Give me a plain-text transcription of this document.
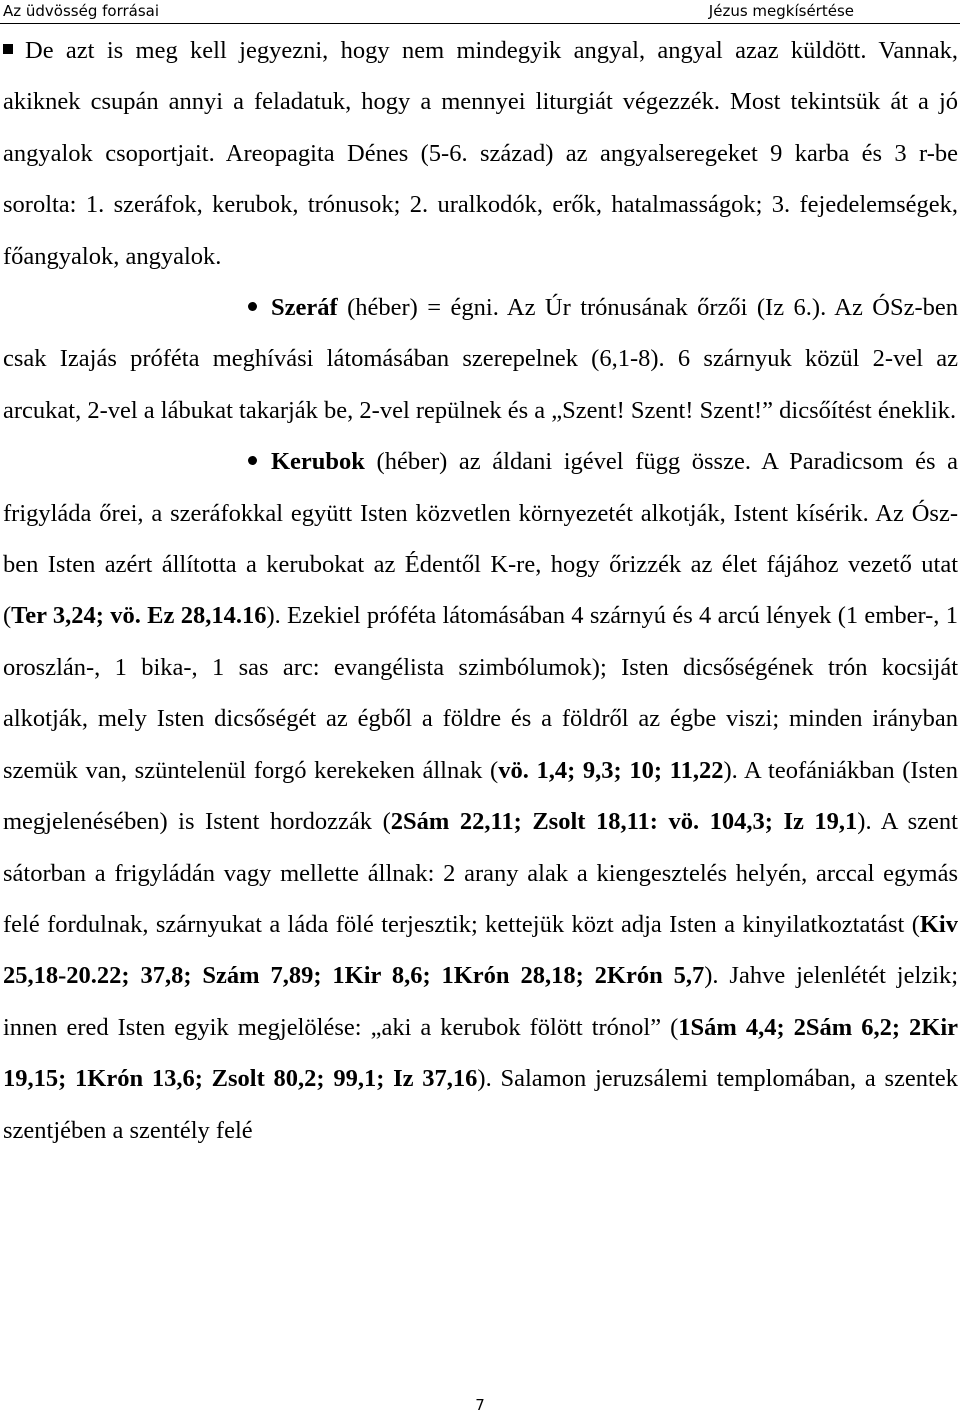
Az üdvösség forrásai	Jézus megkísértése

De azt is meg kell jegyezni, hogy nem mindegyik angyal, angyal azaz küldött. Vannak, akiknek csupán annyi a feladatuk, hogy a mennyei liturgiát végezzék. Most tekintsük át a jó angyalok csoportjait. Areopagita Dénes (5-6. század) az angyalseregeket 9 karba és 3 r-be sorolta: 1. szeráfok, kerubok, trónusok; 2. uralkodók, erők, hatalmasságok; 3. fejedelemségek, főangyalok, angyalok.

Szeráf (héber) = égni. Az Úr trónusának őrzői (Iz 6.). Az ÓSz-ben csak Izajás próféta meghívási látomásában szerepelnek (6,1-8). 6 szárnyuk közül 2-vel az arcukat, 2-vel a lábukat takarják be, 2-vel repülnek és a „Szent! Szent! Szent!” dicsőítést éneklik.

Kerubok (héber) az áldani igével függ össze. A Paradicsom és a frigyláda őrei, a szeráfokkal együtt Isten közvetlen környezetét alkotják, Istent kísérik. Az Ósz-ben Isten azért állította a kerubokat az Édentől K-re, hogy őrizzék az élet fájához vezető utat (Ter 3,24; vö. Ez 28,14.16). Ezekiel próféta látomásában 4 szárnyú és 4 arcú lények (1 ember-, 1 oroszlán-, 1 bika-, 1 sas arc: evangélista szimbólumok); Isten dicsőségének trón kocsiját alkotják, mely Isten dicsőségét az égből a földre és a földről az égbe viszi; minden irányban szemük van, szüntelenül forgó kerekeken állnak (vö. 1,4; 9,3; 10; 11,22). A teofániákban (Isten megjelenésében) is Istent hordozzák (2Sám 22,11; Zsolt 18,11: vö. 104,3; Iz 19,1). A szent sátorban a frigyládán vagy mellette állnak: 2 arany alak a kiengesztelés helyén, arccal egymás felé fordulnak, szárnyukat a láda fölé terjesztik; kettejük közt adja Isten a kinyilatkoztatást (Kiv 25,18-20.22; 37,8; Szám 7,89; 1Kir 8,6; 1Krón 28,18; 2Krón 5,7). Jahve jelenlétét jelzik; innen ered Isten egyik megjelölése: „aki a kerubok fölött trónol” (1Sám 4,4; 2Sám 6,2; 2Kir 19,15; 1Krón 13,6; Zsolt 80,2; 99,1; Iz 37,16). Salamon jeruzsálemi templomában, a szentek szentjében a szentély felé

7
